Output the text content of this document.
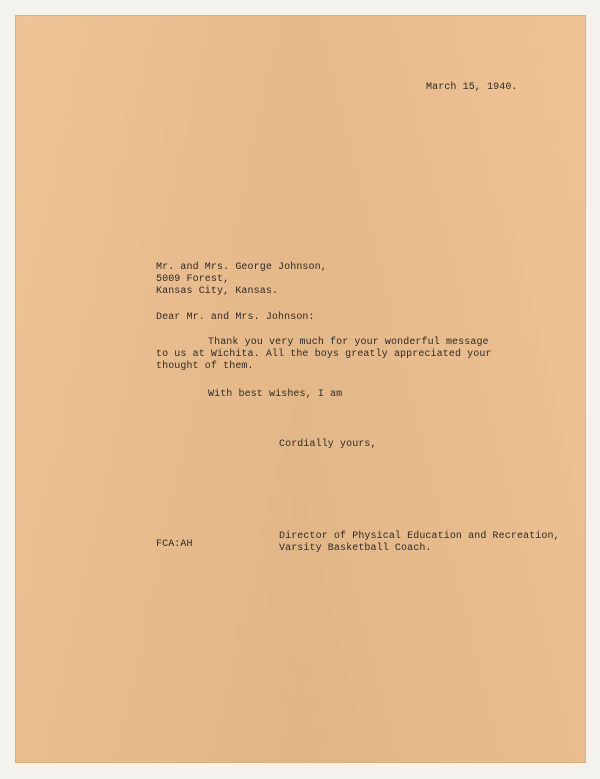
March 15, 1940.
Mr. and Mrs. George Johnson,
5009 Forest,
Kansas City, Kansas.
Dear Mr. and Mrs. Johnson:
Thank you very much for your wonderful message
to us at Wichita. All the boys greatly appreciated your
thought of them.
With best wishes, I am
Cordially yours,
FCA:AH
Director of Physical Education and Recreation,
Varsity Basketball Coach.
